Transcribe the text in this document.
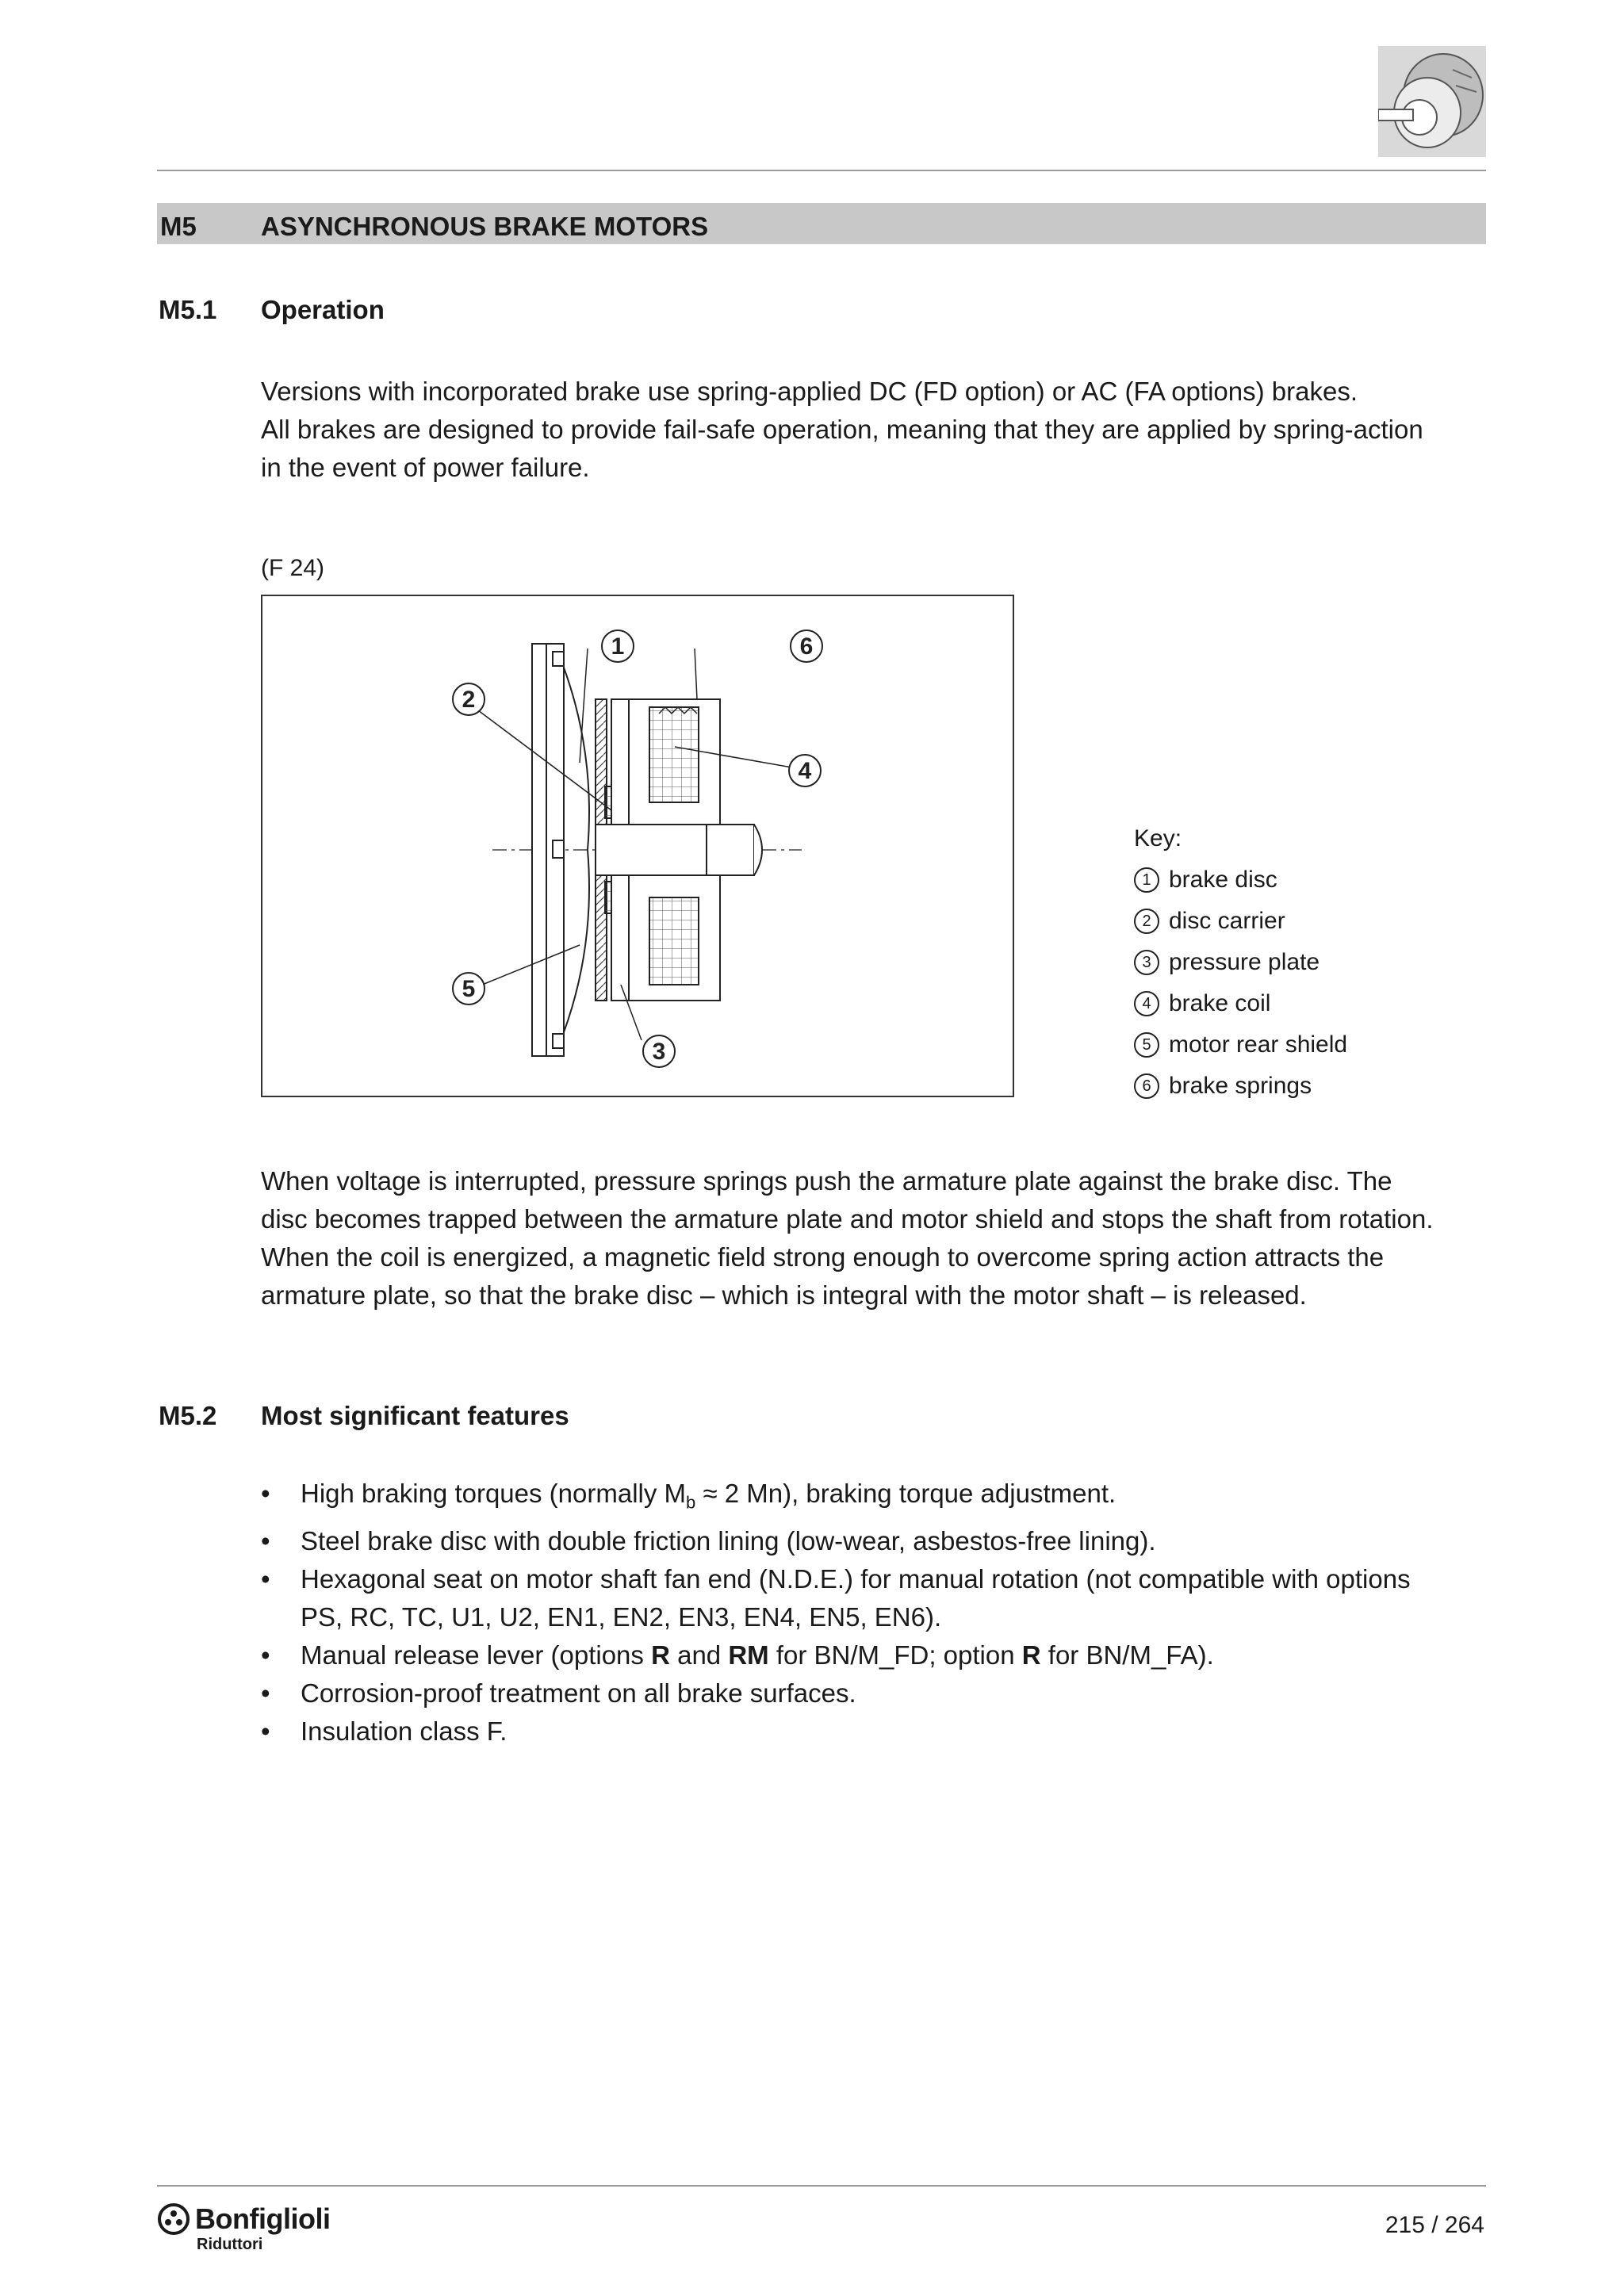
M5 ASYNCHRONOUS BRAKE MOTORS
M5.1 Operation

Versions with incorporated brake use spring-applied DC (FD option) or AC (FA options) brakes.

All brakes are designed to provide fail-safe operation, meaning that they are applied by spring-action

in the event of power failure.

(F 24)
1
2
3
4
5
6
Key:
1 brake disc
2 disc carrier
3 pressure plate
4 brake coil
5 motor rear shield
6 brake springs

When voltage is interrupted, pressure springs push the armature plate against the brake disc. The

disc becomes trapped between the armature plate and motor shield and stops the shaft from rotation.

When the coil is energized, a magnetic field strong enough to overcome spring action attracts the

armature plate, so that the brake disc – which is integral with the motor shaft – is released.

M5.2 Most significant features
• High braking torques (normally $M_b \approx 2$ Mn), braking torque adjustment.
• Steel brake disc with double friction lining (low-wear, asbestos-free lining).
• Hexagonal seat on motor shaft fan end (N.D.E.) for manual rotation (not compatible with options
PS, RC, TC, U1, U2, EN1, EN2, EN3, EN4, EN5, EN6).
• Manual release lever (options R and RM for BN/M_FD; option R for BN/M_FA).
• Corrosion-proof treatment on all brake surfaces.
• Insulation class F.
Bonfiglioli
Riduttori
215 / 264
